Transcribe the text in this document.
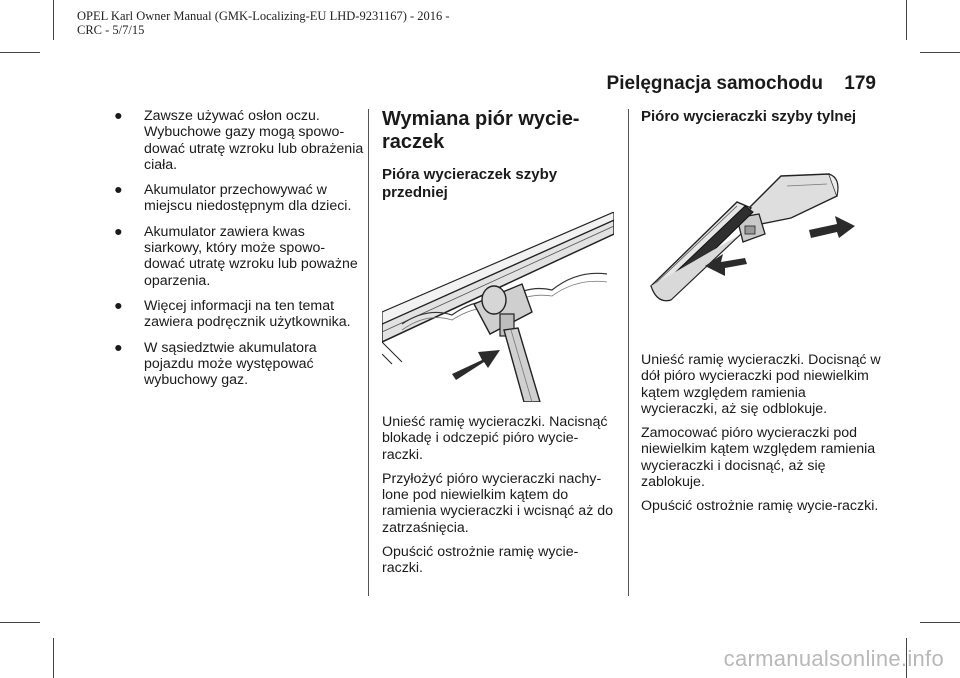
OPEL Karl Owner Manual (GMK-Localizing-EU LHD-9231167) - 2016 -
CRC - 5/7/15
Pielęgnacja samochodu 179
● Zawsze używać osłon oczu. Wybuchowe gazy mogą spowo-dować utratę wzroku lub obrażenia ciała.
● Akumulator przechowywać w miejscu niedostępnym dla dzieci.
● Akumulator zawiera kwas siarkowy, który może spowo-dować utratę wzroku lub poważne oparzenia.
● Więcej informacji na ten temat zawiera podręcznik użytkownika.
● W sąsiedztwie akumulatora pojazdu może występować wybuchowy gaz.
Wymiana piór wycie-raczek
Pióra wycieraczek szyby przedniej

Unieść ramię wycieraczki. Nacisnąć blokadę i odczepić pióro wycie-raczki.

Przyłożyć pióro wycieraczki nachy-lone pod niewielkim kątem do ramienia wycieraczki i wcisnąć aż do zatrzaśnięcia.

Opuścić ostrożnie ramię wycie-raczki.

Pióro wycieraczki szyby tylnej

Unieść ramię wycieraczki. Docisnąć w dół pióro wycieraczki pod niewielkim kątem względem ramienia wycieraczki, aż się odblokuje.

Zamocować pióro wycieraczki pod niewielkim kątem względem ramienia wycieraczki i docisnąć, aż się zablokuje.

Opuścić ostrożnie ramię wycie-raczki.

carmanualsonline.info
